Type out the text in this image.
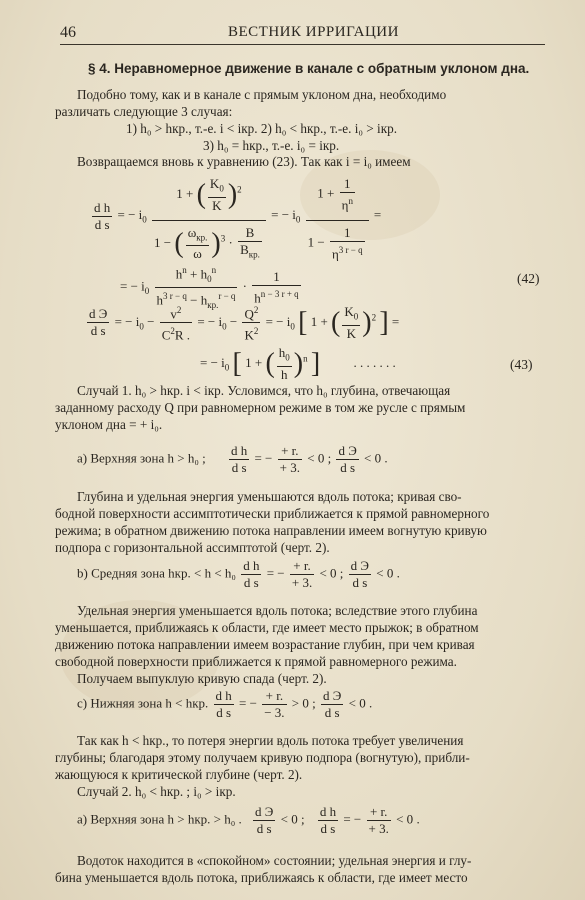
46	ВЕСТНИК ИРРИГАЦИИ
§ 4. Неравномерное движение в канале с обратным уклоном дна.
Подобно тому, как и в канале с прямым уклоном дна, необходимо
различать следующие 3 случая:
1) h₀ > hкр., т.-е. i < iкр. 2) h₀ < hкр., т.-е. i₀ > iкр.
3) h₀ = hкр., т.-е. i₀ = iкр.
Возвращаемся вновь к уравнению (23). Так как i = i₀ имеем
$\frac{\text{d h}}{\text{d s}}$ = − $i_0 \frac{1 + ( \frac{K_0}{K} )^2}{1 - ( \frac{\omega_{кр.}}{\omega} )^3 \cdot \frac{B}{B_{кр.}}}$ = − $i_0 \frac{1 + \frac{1}{\eta^n}}{1 - \frac{1}{\eta^{3 r - q}}}$ =
= − $i_0 \frac{h^n + h_0^n}{h^{3 r - q} - h_{кр.}^{r - q}} \cdot \frac{1}{h^{n - 3 r + q}}$	(42)
$\frac{\text{d Э}}{\text{d s}}$ = − $i_0 - \frac{v^2}{C^2R .}$ = − $i_0 - \frac{Q^2}{K^2}$ = − $i_0$ [ 1 + ( $\frac{K_0}{K} )^2$ ] =
= − $i_0$ [ 1 + ( $\frac{h_0}{h} )^n$ ]	. . . . . . .	(43)
Случай 1. h₀ > hкр. i < iкр. Условимся, что h₀ глубина, отвечающая
заданному расходу Q при равномерном режиме в том же русле с прямым
уклоном дна = + i₀.
а) Верхняя зона h > h₀ ; $\frac{\text{d h}}{\text{d s}}$ = − $\frac{+ r.}{+ 3.} < 0$ ; $\frac{\text{d Э}}{\text{d s}} < 0$ .
Глубина и удельная энергия уменьшаются вдоль потока; кривая сво-
бодной поверхности ассимптотически приближается к прямой равномерного
режима; в обратном движению потока направлении имеем вогнутую кривую
подпора с горизонтальной ассимптотой (черт. 2).
b) Средняя зона hкр. < $h < h_0 \frac{\text{d h}}{\text{d s}}$ = − $\frac{+ r.}{+ 3.} < 0$ ; $\frac{\text{d Э}}{\text{d s}} < 0$ .
Удельная энергия уменьшается вдоль потока; вследствие этого глубина
уменьшается, приближаясь к области, где имеет место прыжок; в обратном
движению потока направлении имеем возрастание глубин, при чем кривая
свободной поверхности приближается к прямой равномерного режима.
Получаем выпуклую кривую спада (черт. 2).
с) Нижняя зона h < hкр. $\frac{\text{d h}}{\text{d s}}$ = − $\frac{+ r.}{- 3.} > 0$ ; $\frac{\text{d Э}}{\text{d s}} < 0$ .
Так как h < hкр., то потеря энергии вдоль потока требует увеличения
глубины; благодаря этому получаем кривую подпора (вогнутую), прибли-
жающуюся к критической глубине (черт. 2).
Случай 2. h₀ < hкр. ; i₀ > iкр.
а) Верхняя зона h > hкр. > h₀ . $\frac{\text{d Э}}{\text{d s}} < 0$ ; $\frac{\text{d h}}{\text{d s}}$ = − $\frac{+ r.}{+ 3.} < 0$ .
Водоток находится в «спокойном» состоянии; удельная энергия и глу-
бина уменьшается вдоль потока, приближаясь к области, где имеет место
